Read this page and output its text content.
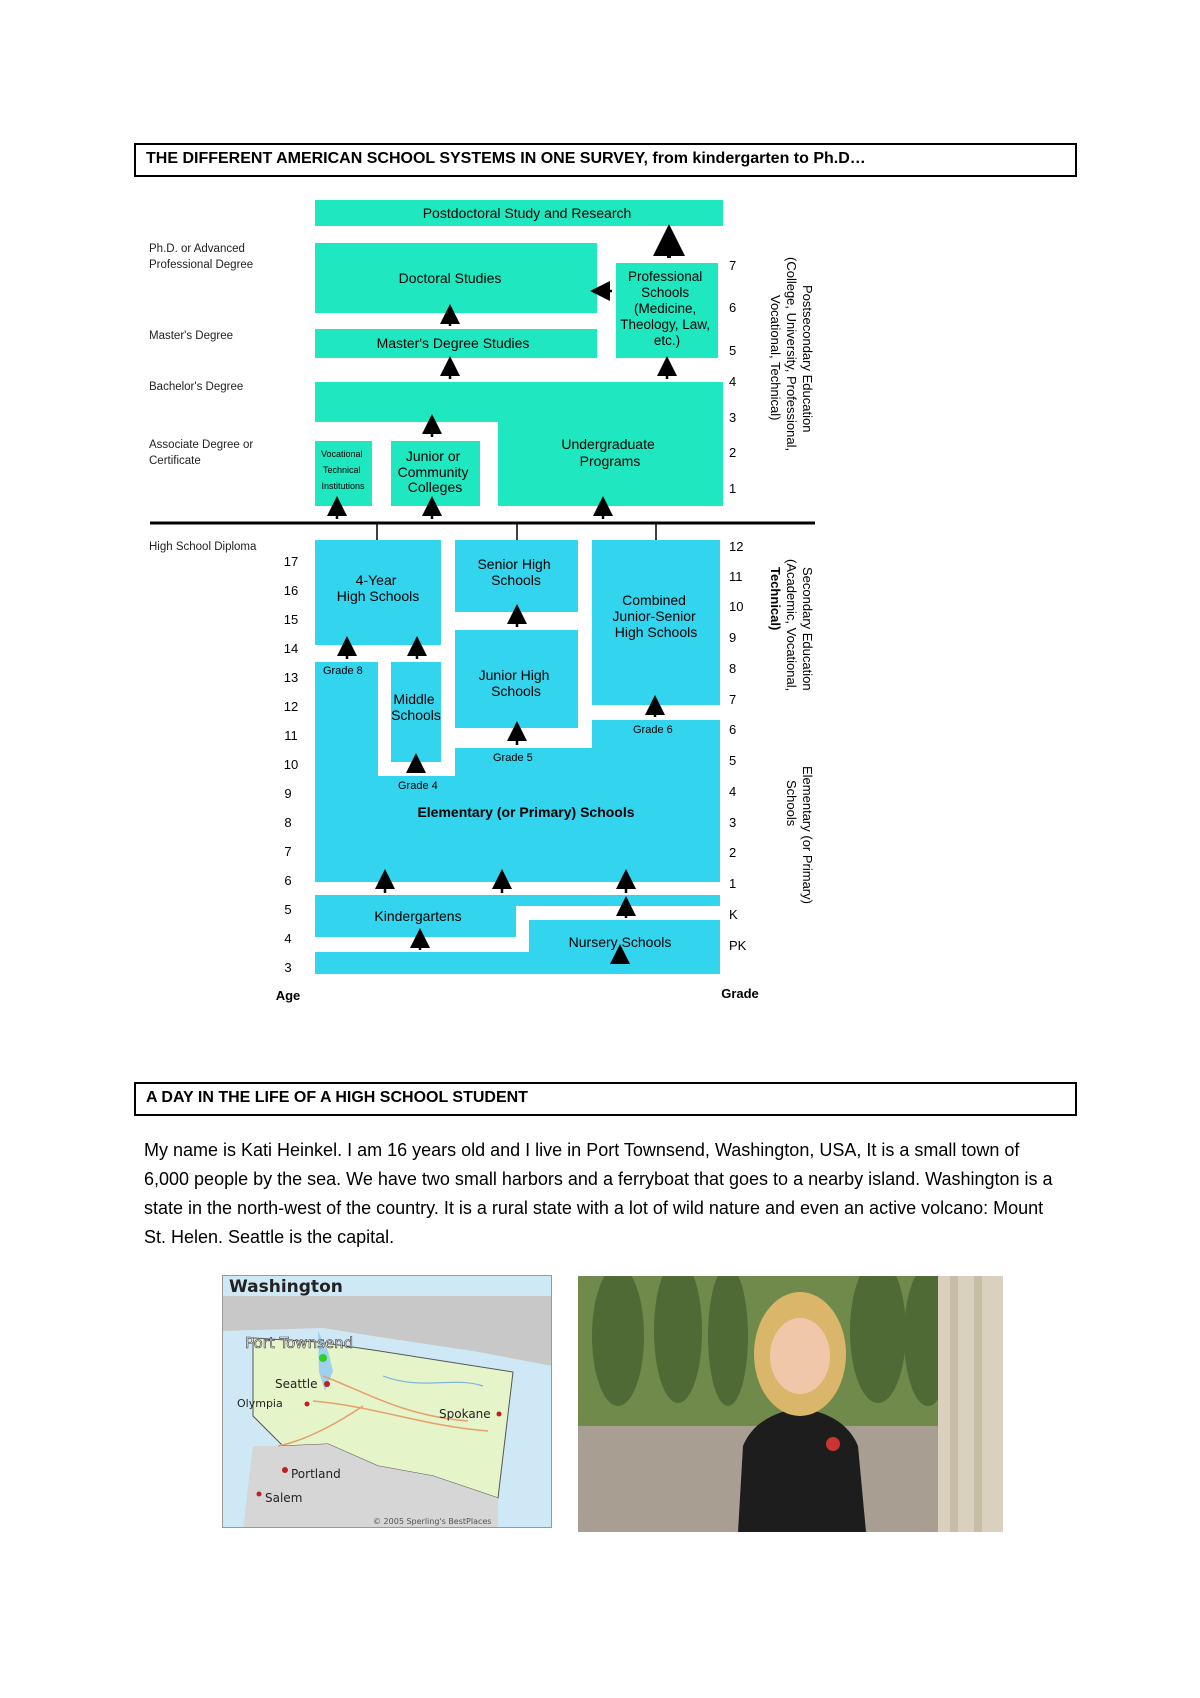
THE DIFFERENT AMERICAN SCHOOL SYSTEMS IN ONE SURVEY, from kindergarten to Ph.D…
Postdoctoral Study and Research
Doctoral Studies	Professional Schools (Medicine, Theology, Law, etc.)
Master's Degree Studies
Undergraduate Programs
Vocational Technical Institutions
Junior or Community Colleges
4-Year High Schools
Senior High Schools
Combined Junior-Senior High Schools
Junior High Schools
Middle Schools
Elementary (or Primary) Schools
Kindergartens
Nursery Schools
Grade 8
Grade 4
Grade 5
Grade 6
Ph.D. or Advanced Professional Degree
Master's Degree
Bachelor's Degree
Associate Degree or Certificate
High School Diploma
17
16
15
14
13
12
11
10
9
8
7
6
5
4
3
Age
7
6
5
4
3
2
1
12
11
10
9
8
7
6
5
4
3
2
1
K
PK
Grade
Postsecondary Education (College, University, Professional, Vocational, Technical)
Secondary Education (Academic, Vocational, Technical)
Elementary (or Primary) Schools
A DAY IN THE LIFE OF A HIGH SCHOOL STUDENT

My name is Kati Heinkel. I am 16 years old and I live in Port Townsend, Washington, USA, It is a small town of 6,000 people by the sea. We have two small harbors and a ferryboat that goes to a nearby island. Washington is a state in the north-west of the country. It is a rural state with a lot of wild nature and even an active volcano: Mount St. Helen. Seattle is the capital.

Washington
Port Townsend
Seattle
Olympia
Spokane
Portland
Salem
© 2005 Sperling's BestPlaces
